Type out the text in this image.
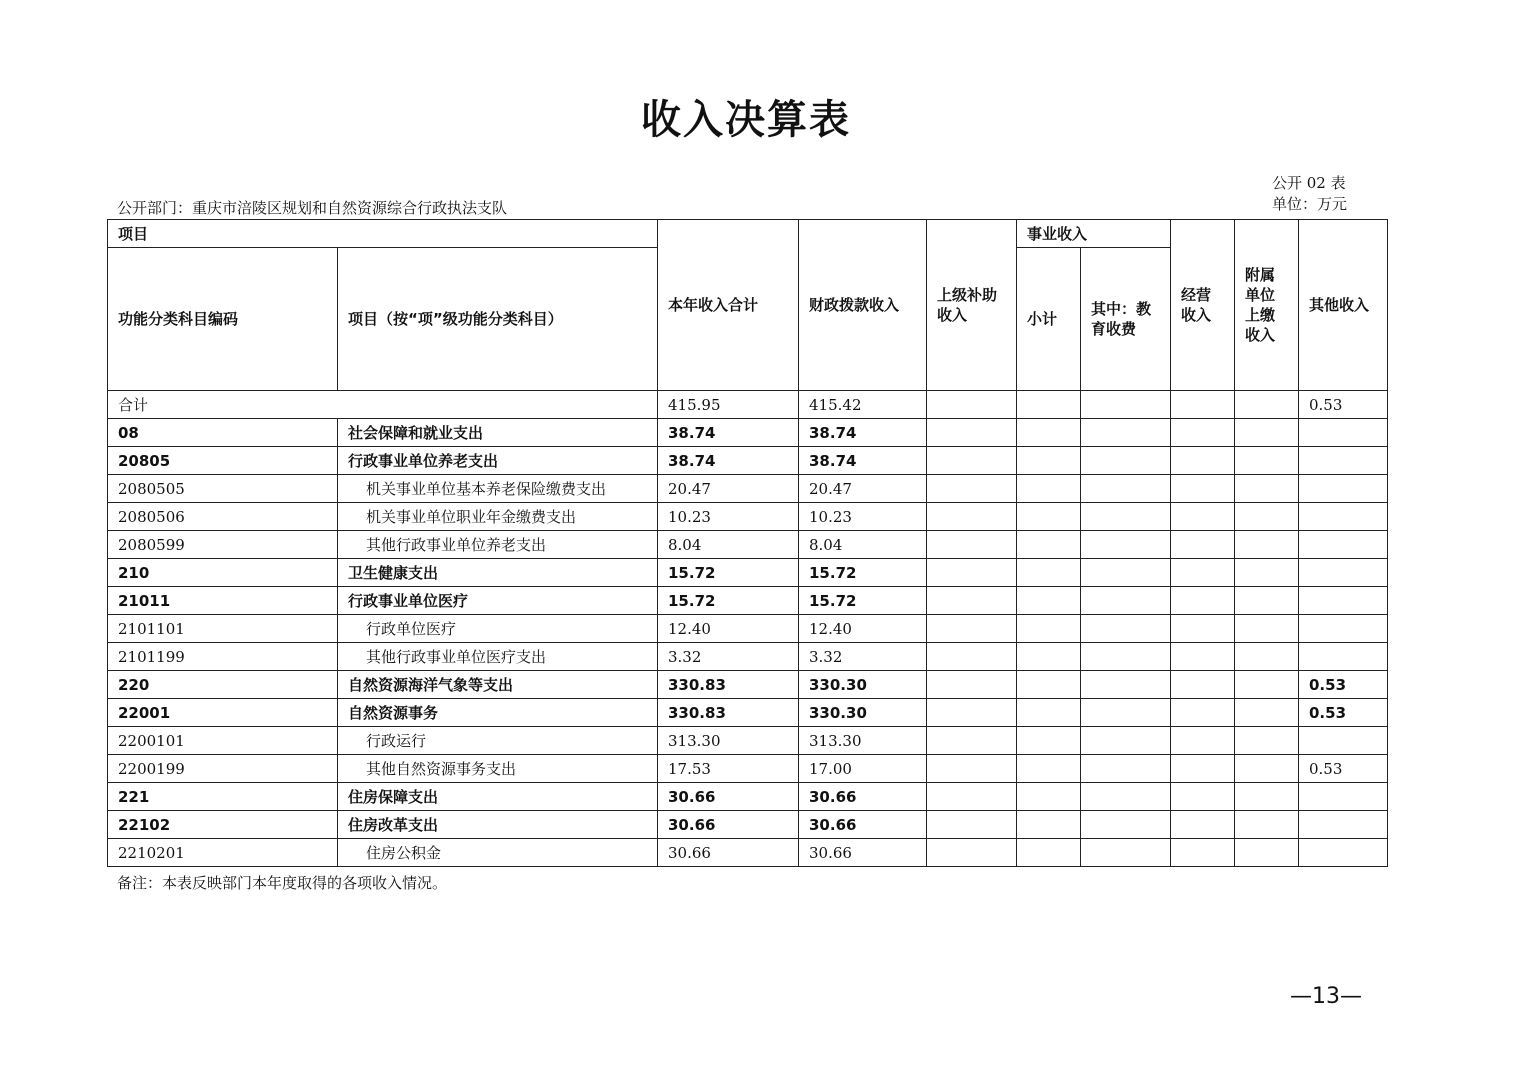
收入决算表
公开 02 表
单位：万元
公开部门：重庆市涪陵区规划和自然资源综合行政执法支队
项目		本年收入合计	财政拨款收入	上级补助收入	事业收入		经营收入	附属单位上缴收入	其他收入
功能分类科目编码	项目（按“项”级功能分类科目）				小计	其中：教育收费			
合计		415.95	415.42						0.53
08	社会保障和就业支出	38.74	38.74						
20805	行政事业单位养老支出	38.74	38.74						
2080505	机关事业单位基本养老保险缴费支出	20.47	20.47						
2080506	机关事业单位职业年金缴费支出	10.23	10.23						
2080599	其他行政事业单位养老支出	8.04	8.04						
210	卫生健康支出	15.72	15.72						
21011	行政事业单位医疗	15.72	15.72						
2101101	行政单位医疗	12.40	12.40						
2101199	其他行政事业单位医疗支出	3.32	3.32						
220	自然资源海洋气象等支出	330.83	330.30						0.53
22001	自然资源事务	330.83	330.30						0.53
2200101	行政运行	313.30	313.30						
2200199	其他自然资源事务支出	17.53	17.00						0.53
221	住房保障支出	30.66	30.66						
22102	住房改革支出	30.66	30.66						
2210201	住房公积金	30.66	30.66						
备注：本表反映部门本年度取得的各项收入情况。
—13—
